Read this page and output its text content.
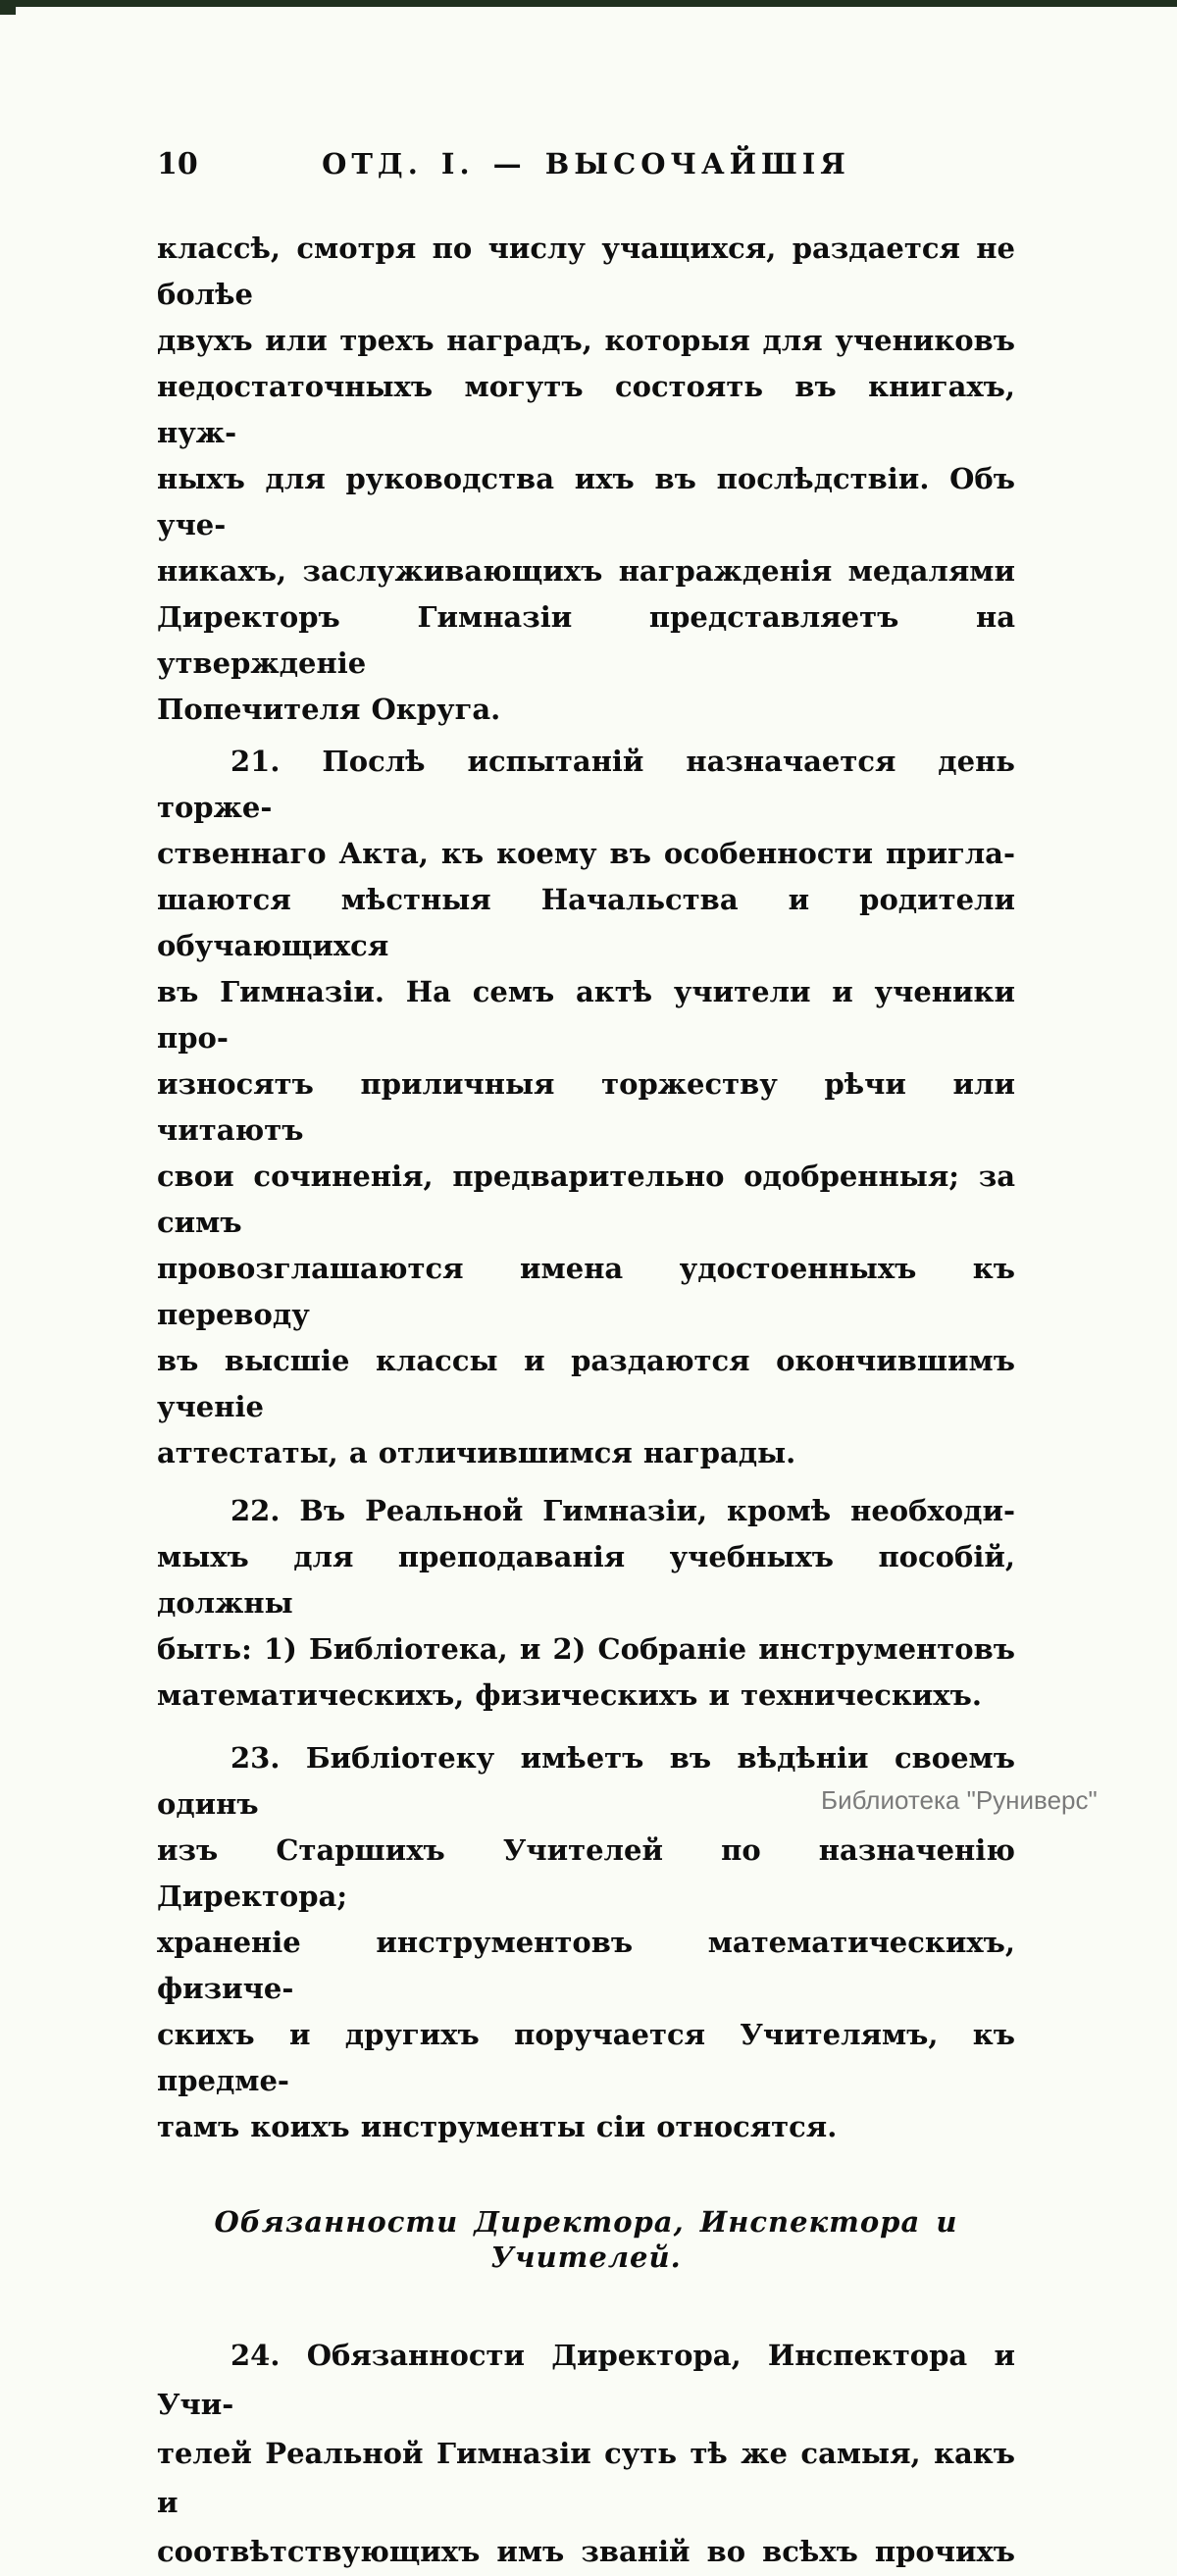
10	ОТД. I. — ВЫСОЧАЙШІЯ
классѣ, смотря по числу учащихся, раздается не болѣе
двухъ или трехъ наградъ, которыя для учениковъ
недостаточныхъ могутъ состоять въ книгахъ, нуж-
ныхъ для руководства ихъ въ послѣдствіи. Объ уче-
никахъ, заслуживающихъ награжденія медалями
Директоръ Гимназіи представляетъ на утвержденіе
Попечителя Округа.
21. Послѣ испытаній назначается день торже-
ственнаго Акта, къ коему въ особенности пригла-
шаются мѣстныя Начальства и родители обучающихся
въ Гимназіи. На семъ актѣ учители и ученики про-
износятъ приличныя торжеству рѣчи или читаютъ
свои сочиненія, предварительно одобренныя; за симъ
провозглашаются имена удостоенныхъ къ переводу
въ высшіе классы и раздаются окончившимъ ученіе
аттестаты, а отличившимся награды.
22. Въ Реальной Гимназіи, кромѣ необходи-
мыхъ для преподаванія учебныхъ пособій, должны
быть: 1) Библіотека, и 2) Собраніе инструментовъ
математическихъ, физическихъ и техническихъ.
23. Библіотеку имѣетъ въ вѣдѣніи своемъ одинъ
изъ Старшихъ Учителей по назначенію Директора;
храненіе инструментовъ математическихъ, физиче-
скихъ и другихъ поручается Учителямъ, къ предме-
тамъ коихъ инструменты сіи относятся.
Обязанности Директора, Инспектора и Учителей.
24. Обязанности Директора, Инспектора и Учи-
телей Реальной Гимназіи суть тѣ же самыя, какъ и
соотвѣтствующихъ имъ званій во всѣхъ прочихъ
Библиотека "Руниверс"
